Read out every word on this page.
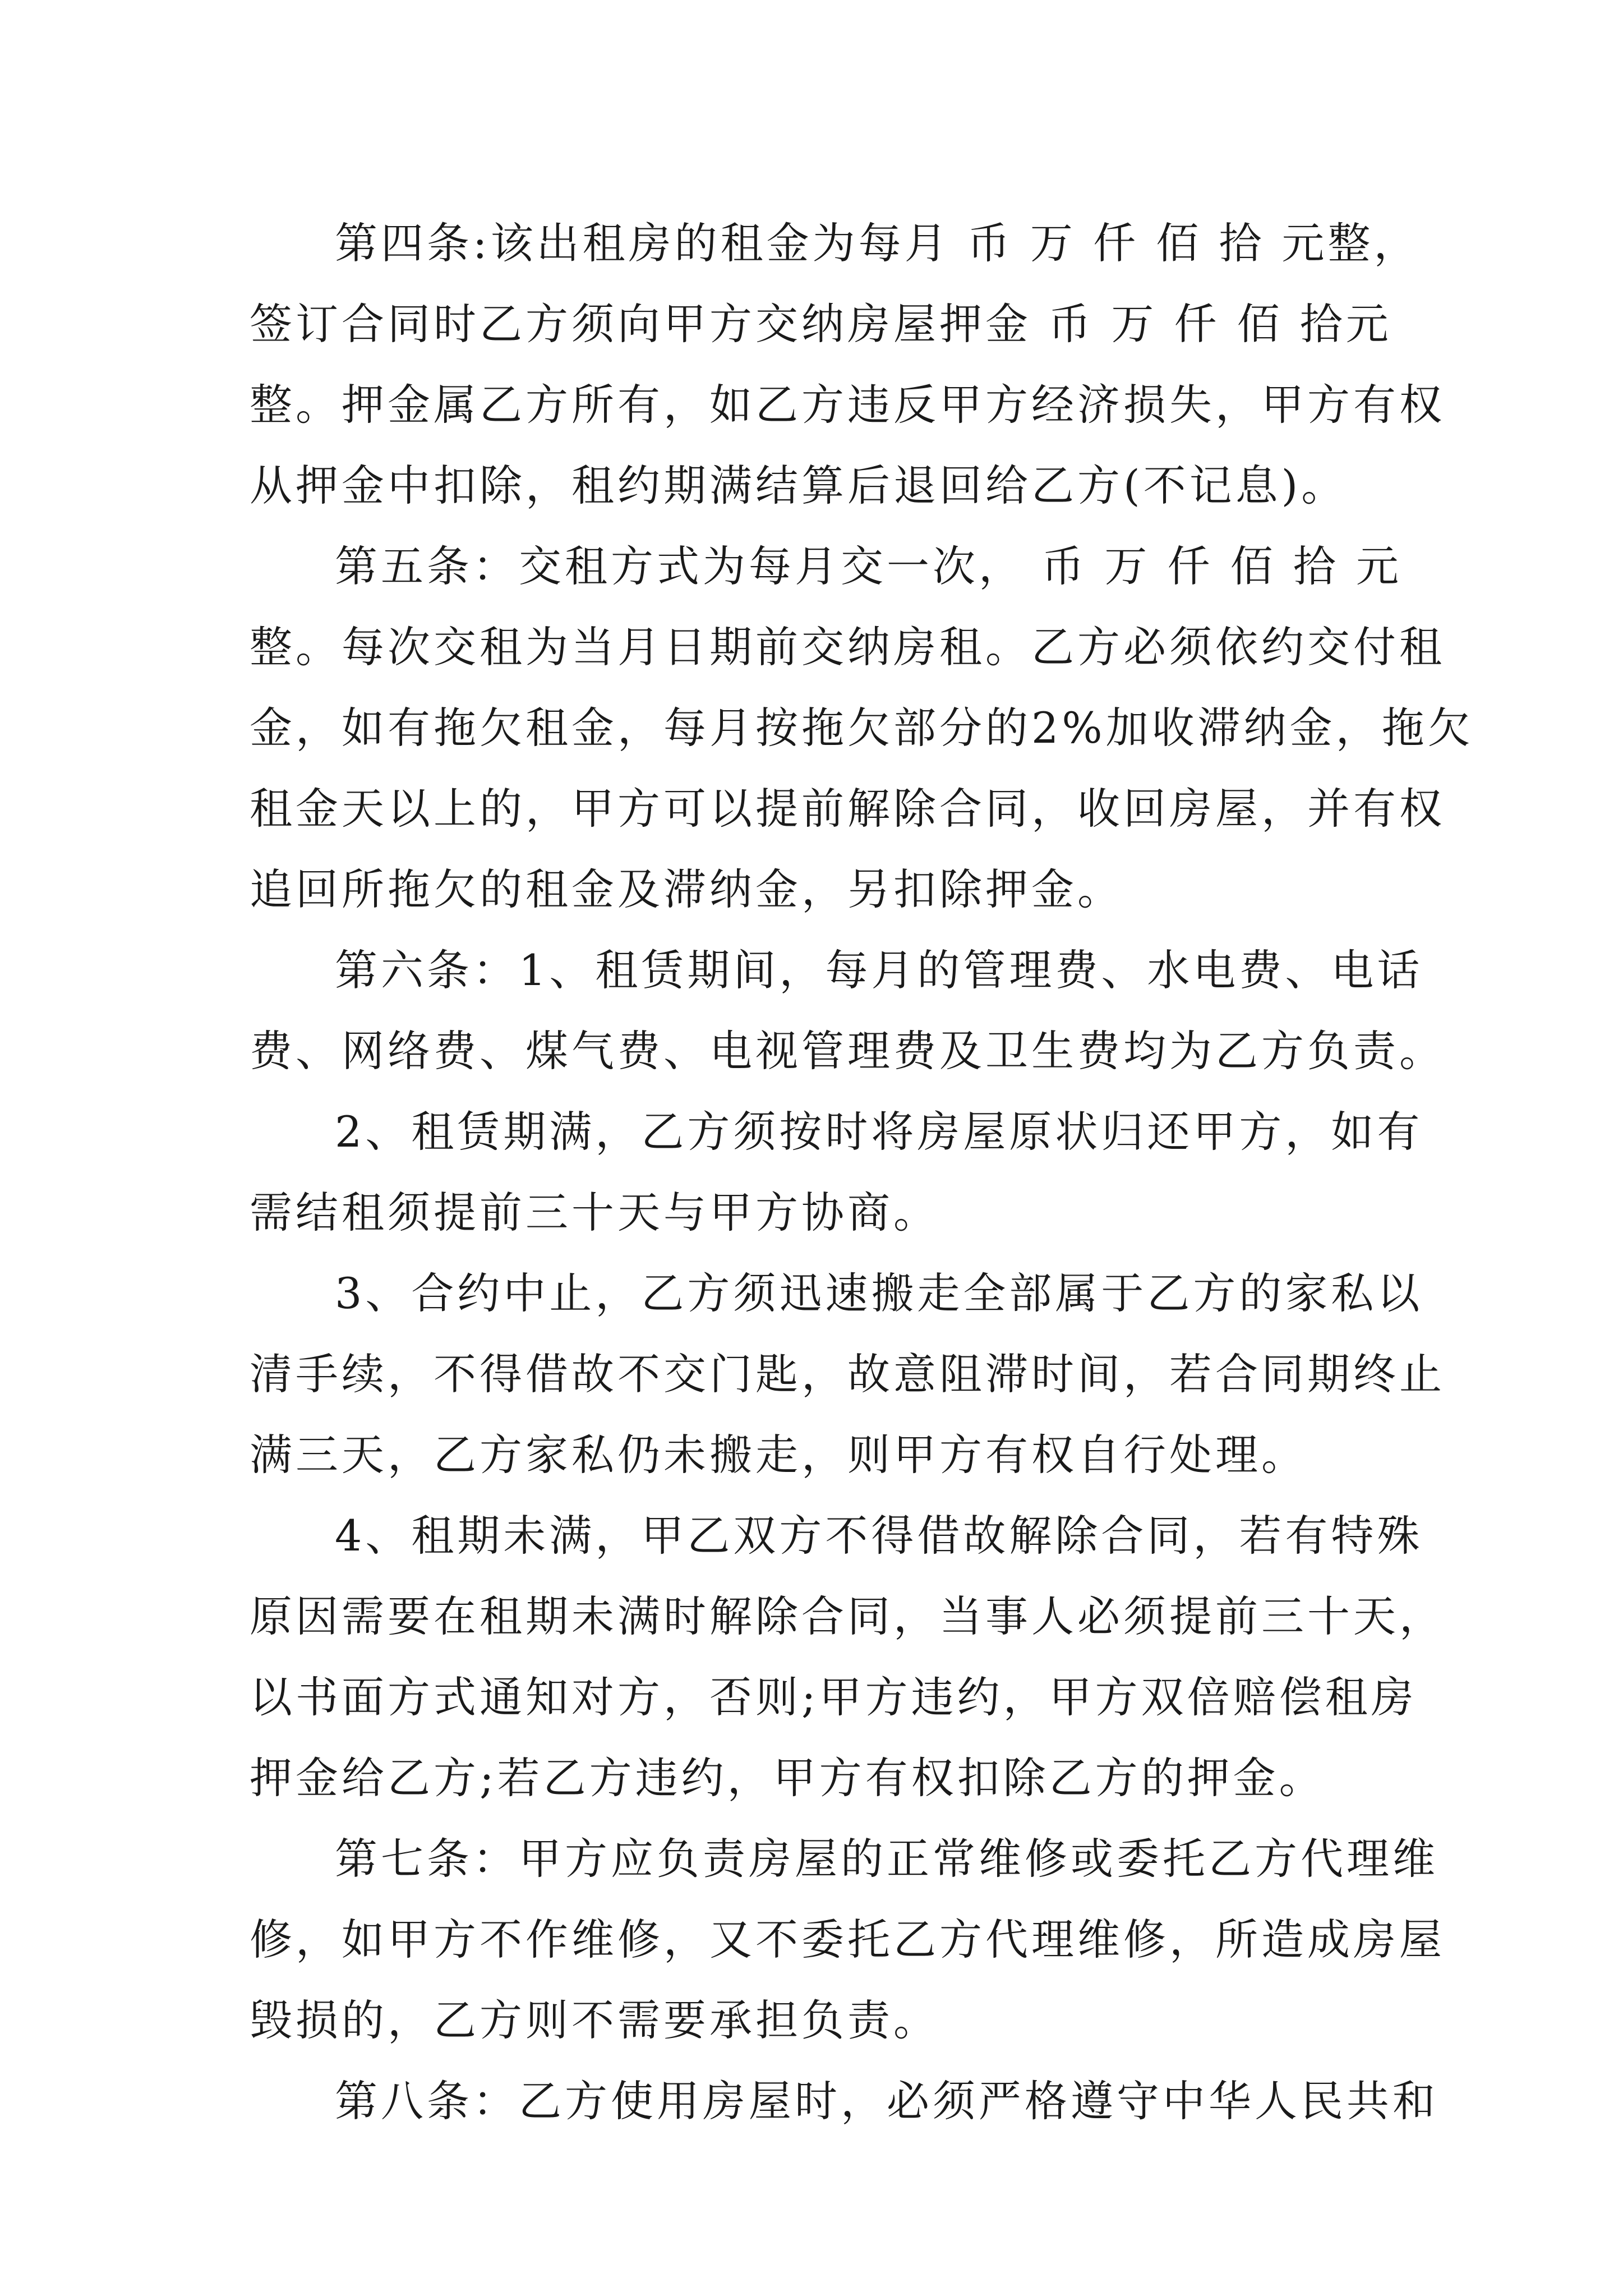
第四条:该出租房的租金为每月 币 万 仟 佰 拾 元整，
签订合同时乙方须向甲方交纳房屋押金 币 万 仟 佰 拾元
整。押金属乙方所有，如乙方违反甲方经济损失，甲方有权
从押金中扣除，租约期满结算后退回给乙方(不记息)。
第五条：交租方式为每月交一次， 币 万 仟 佰 拾 元
整。每次交租为当月日期前交纳房租。乙方必须依约交付租
金，如有拖欠租金，每月按拖欠部分的2%加收滞纳金，拖欠
租金天以上的，甲方可以提前解除合同，收回房屋，并有权
追回所拖欠的租金及滞纳金，另扣除押金。
第六条：1、租赁期间，每月的管理费、水电费、电话
费、网络费、煤气费、电视管理费及卫生费均为乙方负责。
2、租赁期满，乙方须按时将房屋原状归还甲方，如有
需结租须提前三十天与甲方协商。
3、合约中止，乙方须迅速搬走全部属于乙方的家私以
清手续，不得借故不交门匙，故意阻滞时间，若合同期终止
满三天，乙方家私仍未搬走，则甲方有权自行处理。
4、租期未满，甲乙双方不得借故解除合同，若有特殊
原因需要在租期未满时解除合同，当事人必须提前三十天，
以书面方式通知对方，否则;甲方违约，甲方双倍赔偿租房
押金给乙方;若乙方违约，甲方有权扣除乙方的押金。
第七条：甲方应负责房屋的正常维修或委托乙方代理维
修，如甲方不作维修，又不委托乙方代理维修，所造成房屋
毁损的，乙方则不需要承担负责。
第八条：乙方使用房屋时，必须严格遵守中华人民共和
